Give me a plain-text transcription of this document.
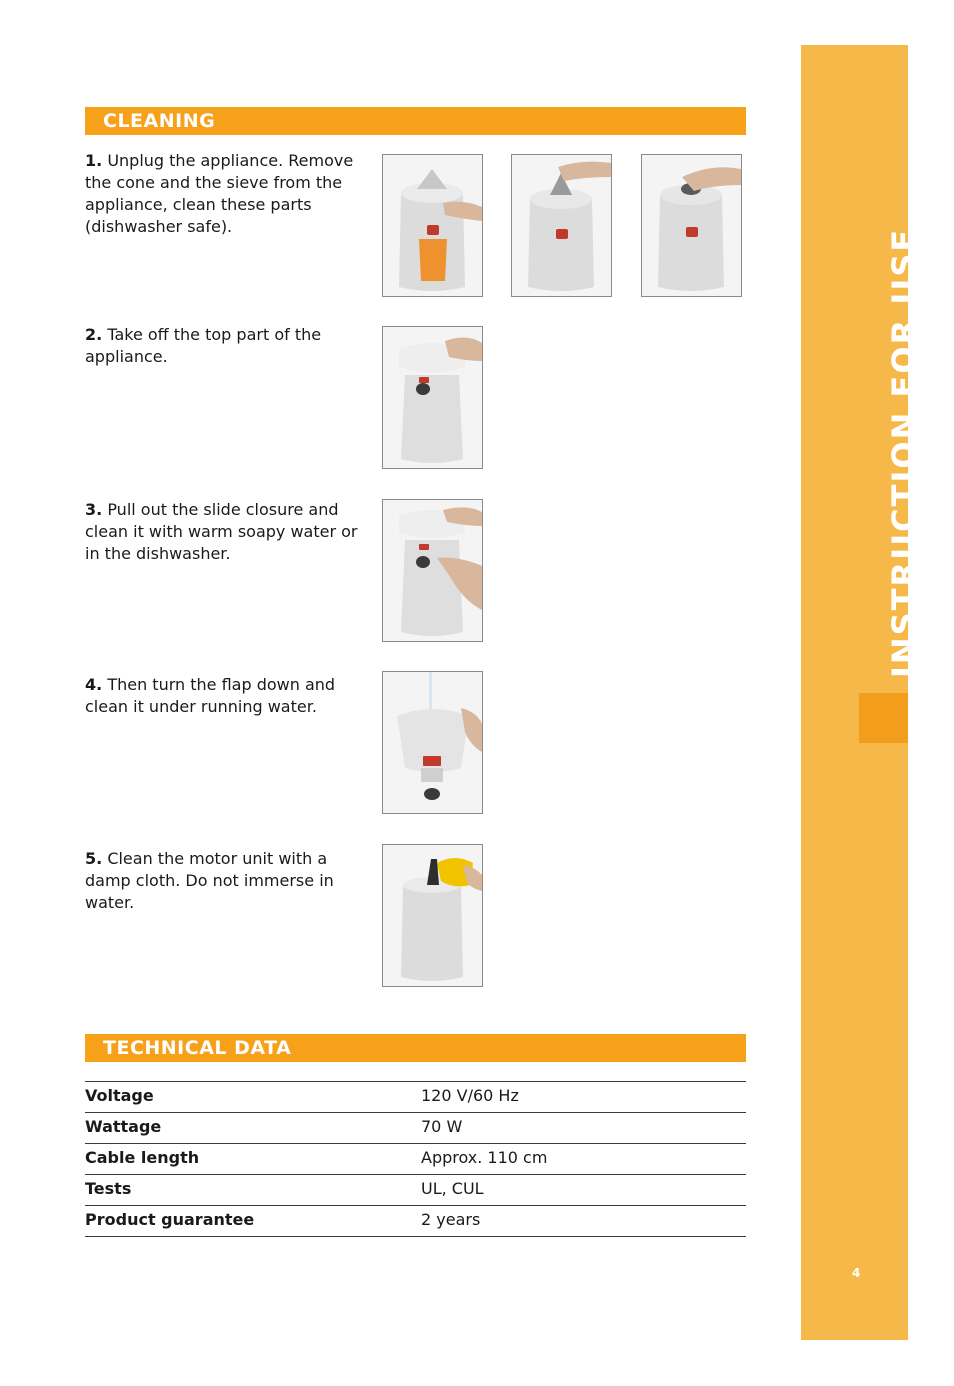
INSTRUCTION FOR USE
4
CLEANING
1. Unplug the appliance. Remove the cone and the sieve from the appliance, clean these parts (dishwasher safe).
2. Take off the top part of the appliance.
3. Pull out the slide closure and clean it with warm soapy water or in the dishwasher.
4. Then turn the flap down and clean it under running water.
5. Clean the motor unit with a damp cloth. Do not immerse in water.
TECHNICAL DATA
Voltage	120 V/60 Hz
Wattage	70 W
Cable length	Approx. 110 cm
Tests	UL, CUL
Product guarantee	2 years
